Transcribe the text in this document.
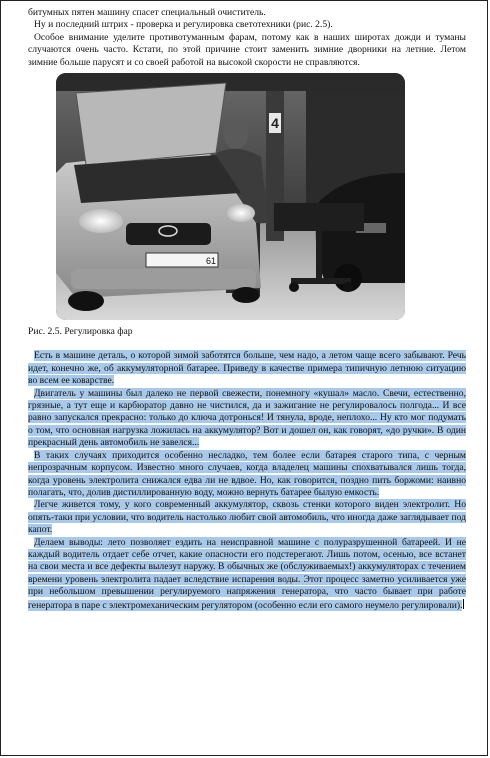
битумных пятен машину спасет специальный очиститель.

Ну и последний штрих - проверка и регулировка светотехники (рис. 2.5).

Особое внимание уделите противотуманным фарам, потому как в наших широтах дожди и туманы случаются очень часто. Кстати, по этой причине стоит заменить зимние дворники на летние. Летом зимние больше парусят и со своей работой на высокой скорости не справляются.

4
61

Рис. 2.5. Регулировка фар

Есть в машине деталь, о которой зимой заботятся больше, чем надо, а летом чаще всего забывают. Речь идет, конечно же, об аккумуляторной батарее. Приведу в качестве примера типичную летнюю ситуацию во всем ее коварстве.

Двигатель у машины был далеко не первой свежести, понемногу «кушал» масло. Свечи, естественно, грязные, а тут еще и карбюратор давно не чистился, да и зажигание не регулировалось полгода... И все равно запускался прекрасно: только до ключа дотронься! И тянула, вроде, неплохо... Ну кто мог подумать о том, что основная нагрузка ложилась на аккумулятор? Вот и дошел он, как говорят, «до ручки». В один прекрасный день автомобиль не завелся...

В таких случаях приходится особенно несладко, тем более если батарея старого типа, с черным непрозрачным корпусом. Известно много случаев, когда владелец машины спохватывался лишь тогда, когда уровень электролита снижался едва ли не вдвое. Но, как говорится, поздно пить боржоми: наивно полагать, что, долив дистиллированную воду, можно вернуть батарее былую емкость.

Легче живется тому, у кого современный аккумулятор, сквозь стенки которого виден электролит. Но опять-таки при условии, что водитель настолько любит свой автомобиль, что иногда даже заглядывает под капот.

Делаем выводы: лето позволяет ездить на неисправной машине с полуразрушенной батареей. И не каждый водитель отдает себе отчет, какие опасности его подстерегают. Лишь потом, осенью, все встанет на свои места и все дефекты вылезут наружу. В обычных же (обслуживаемых!) аккумуляторах с течением времени уровень электролита падает вследствие испарения воды. Этот процесс заметно усиливается уже при небольшом превышении регулируемого напряжения генератора, что часто бывает при работе генератора в паре с электромеханическим регулятором (особенно если его самого неумело регулировали).
